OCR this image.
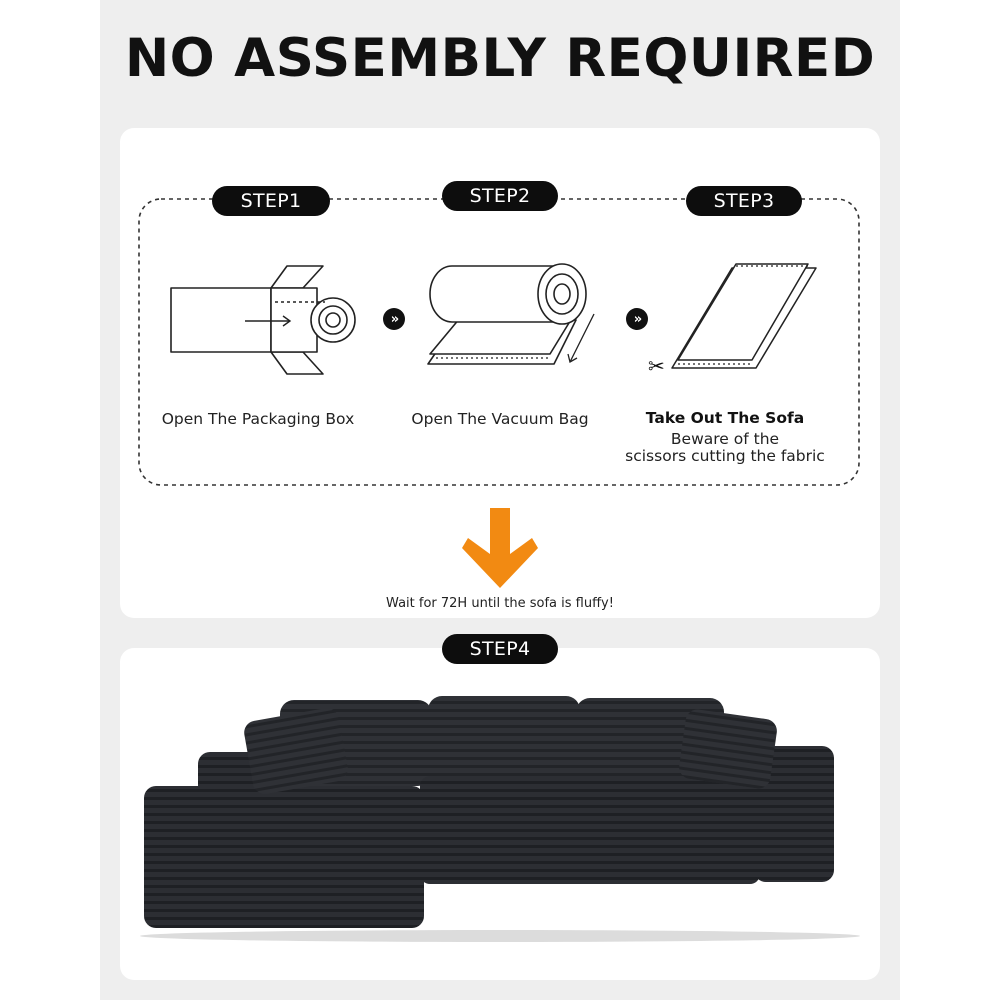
NO ASSEMBLY REQUIRED
STEP1	STEP2	STEP3
»	»
✂
Open The Packaging Box	Open The Vacuum Bag	Take Out The Sofa
Beware of the
scissors cutting the fabric
Wait for 72H until the sofa is fluffy!
STEP4
